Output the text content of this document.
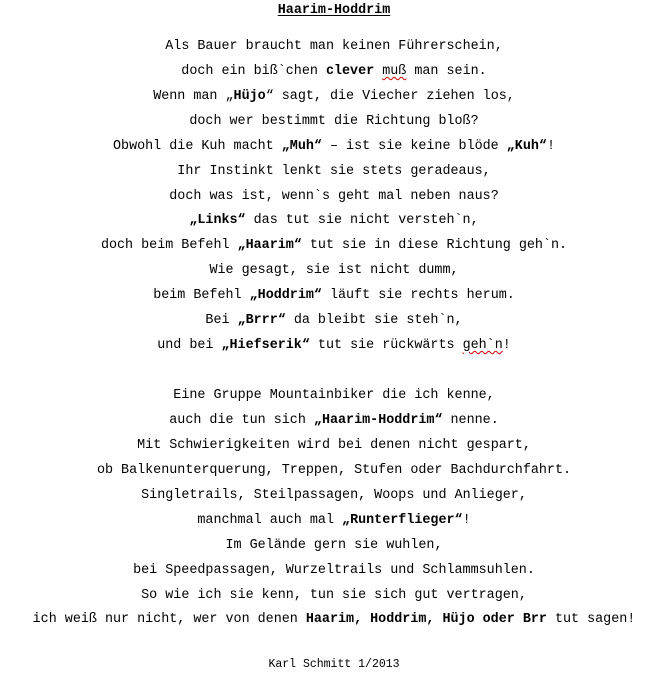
Haarim-Hoddrim
Als Bauer braucht man keinen Führerschein,
doch ein biß`chen clever muß man sein.
Wenn man „Hüjo“ sagt, die Viecher ziehen los,
doch wer bestimmt die Richtung bloß?
Obwohl die Kuh macht „Muh“ – ist sie keine blöde „Kuh“!
Ihr Instinkt lenkt sie stets geradeaus,
doch was ist, wenn`s geht mal neben naus?
„Links“ das tut sie nicht versteh`n,
doch beim Befehl „Haarim“ tut sie in diese Richtung geh`n.
Wie gesagt, sie ist nicht dumm,
beim Befehl „Hoddrim“ läuft sie rechts herum.
Bei „Brrr“ da bleibt sie steh`n,
und bei „Hiefserik“ tut sie rückwärts geh`n!
Eine Gruppe Mountainbiker die ich kenne,
auch die tun sich „Haarim-Hoddrim“ nenne.
Mit Schwierigkeiten wird bei denen nicht gespart,
ob Balkenunterquerung, Treppen, Stufen oder Bachdurchfahrt.
Singletrails, Steilpassagen, Woops und Anlieger,
manchmal auch mal „Runterflieger“!
Im Gelände gern sie wuhlen,
bei Speedpassagen, Wurzeltrails und Schlammsuhlen.
So wie ich sie kenn, tun sie sich gut vertragen,
ich weiß nur nicht, wer von denen Haarim, Hoddrim, Hüjo oder Brr tut sagen!
Karl Schmitt 1/2013
